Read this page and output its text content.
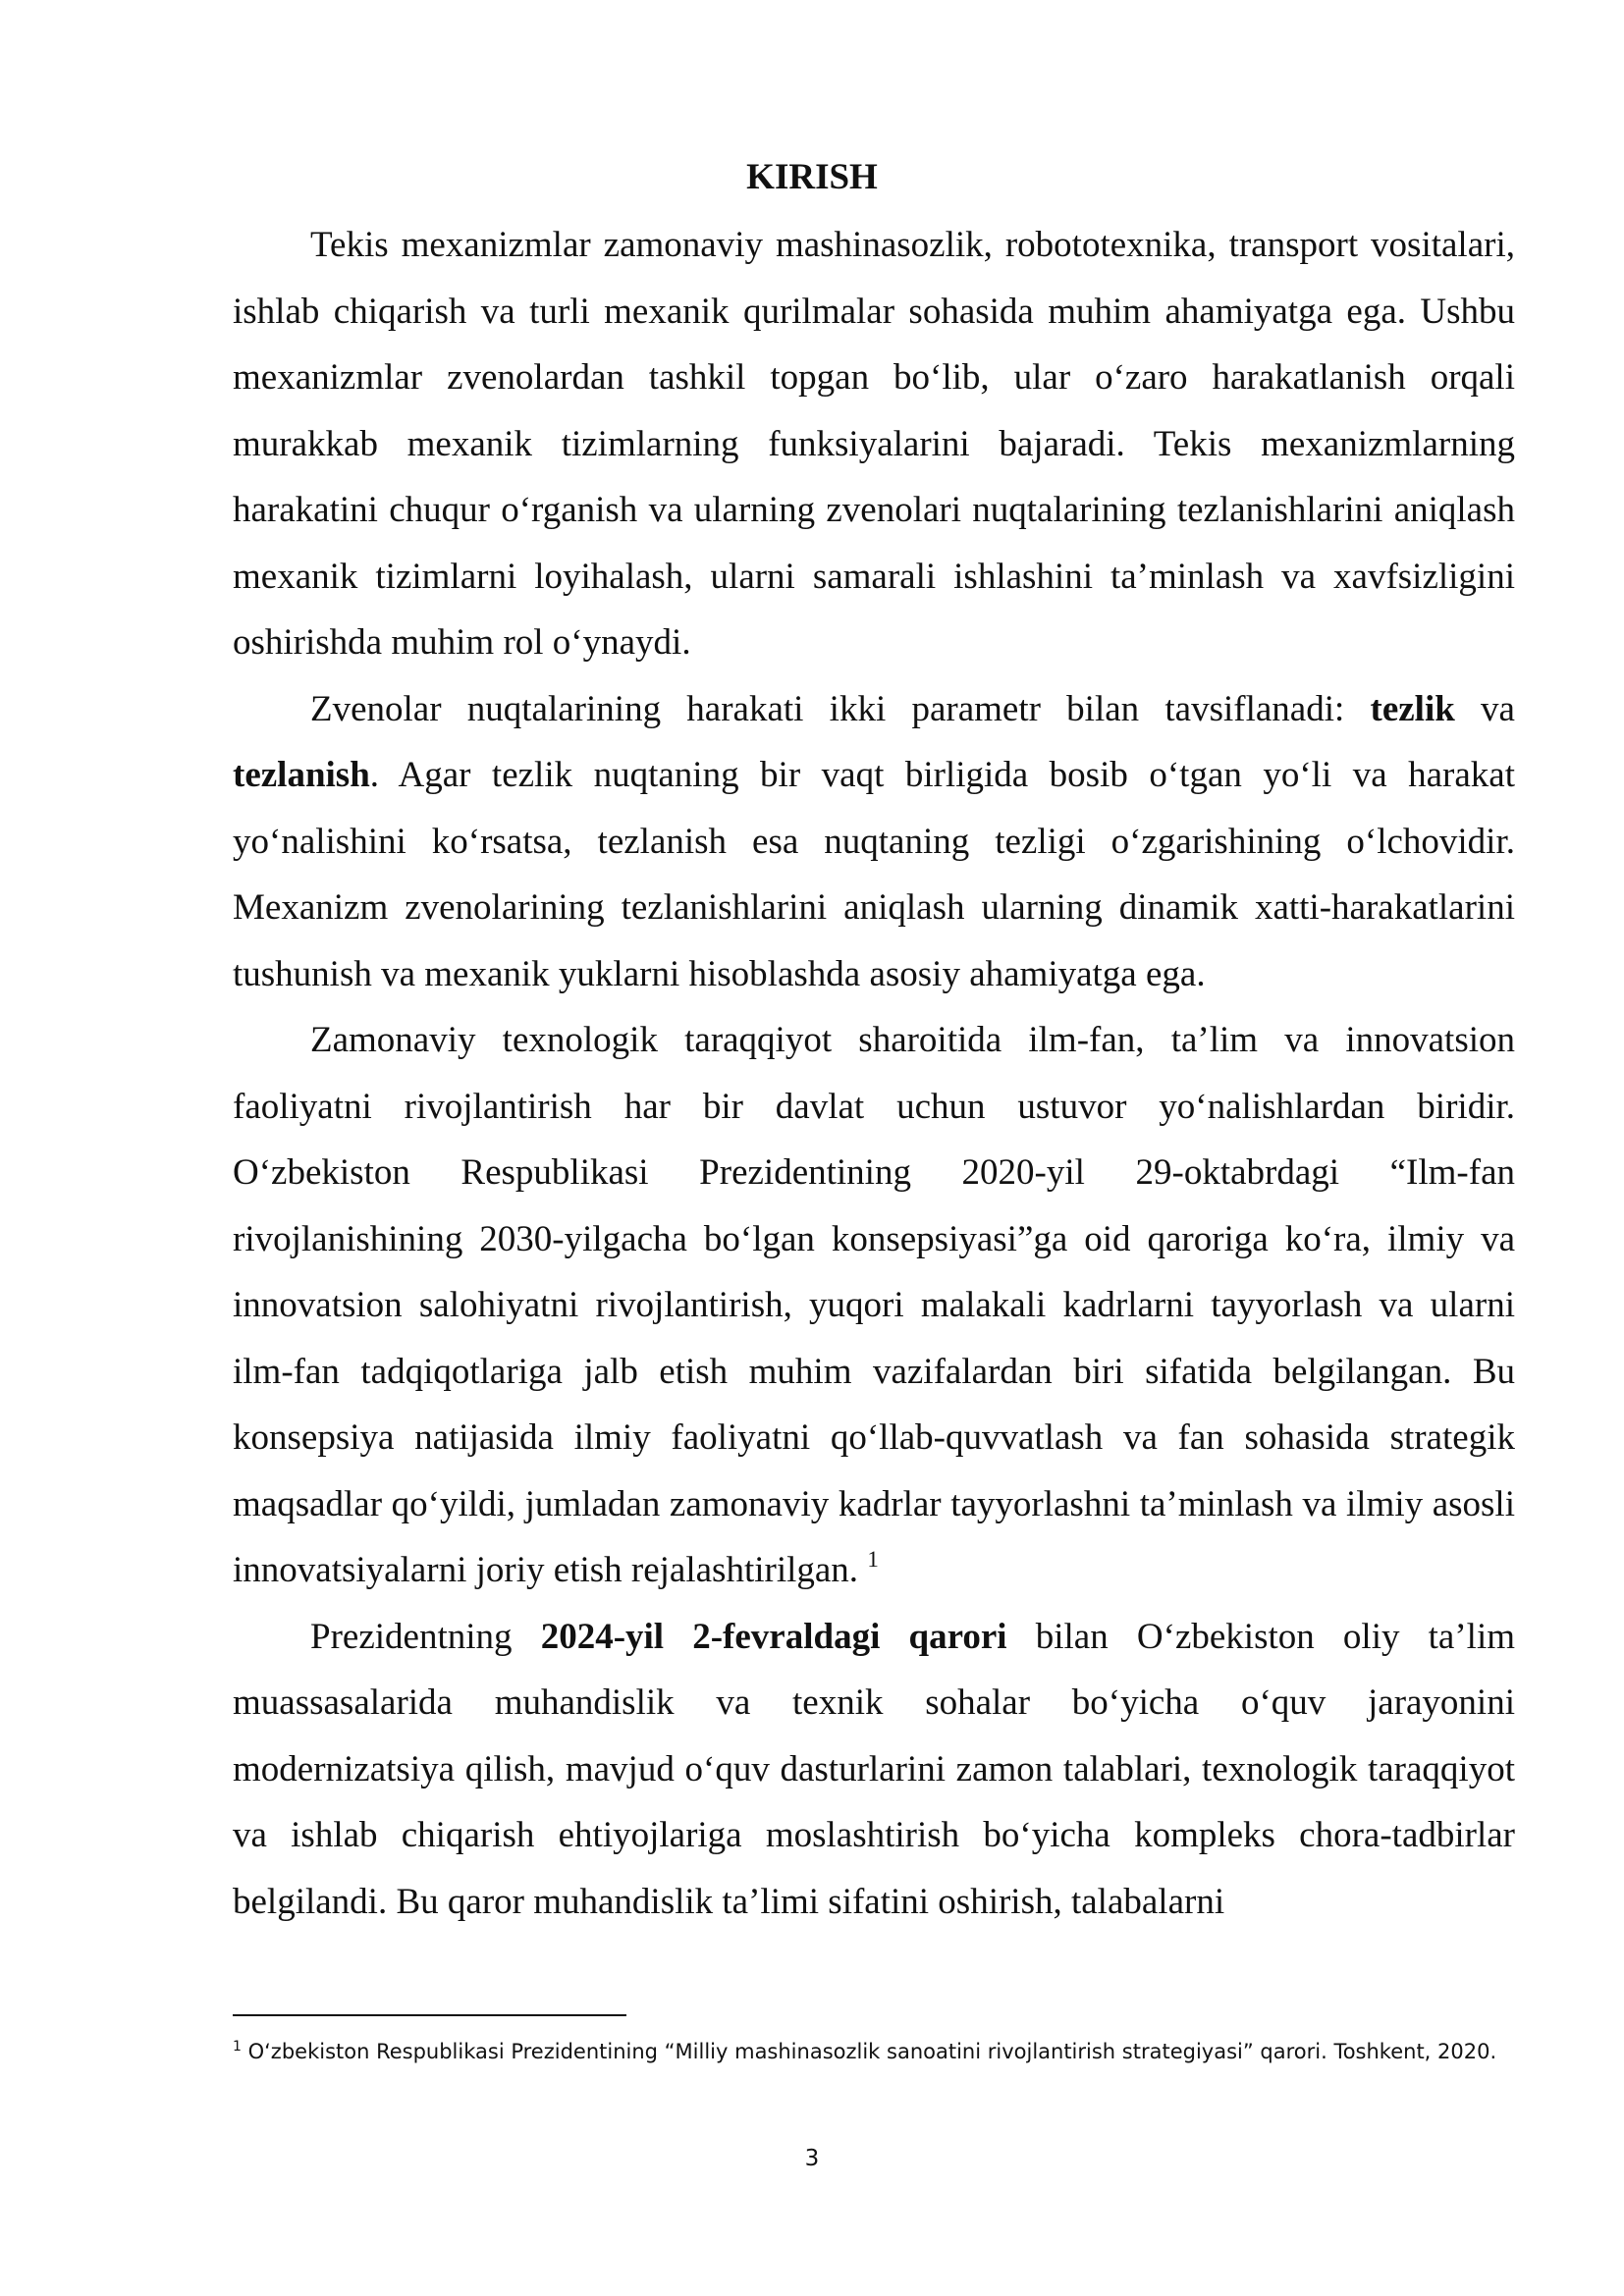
KIRISH

Tekis mexanizmlar zamonaviy mashinasozlik, robototexnika, transport vositalari, ishlab chiqarish va turli mexanik qurilmalar sohasida muhim ahamiyatga ega. Ushbu mexanizmlar zvenolardan tashkil topgan bo‘lib, ular o‘zaro harakatlanish orqali murakkab mexanik tizimlarning funksiyalarini bajaradi. Tekis mexanizmlarning harakatini chuqur o‘rganish va ularning zvenolari nuqtalarining tezlanishlarini aniqlash mexanik tizimlarni loyihalash, ularni samarali ishlashini ta’minlash va xavfsizligini oshirishda muhim rol o‘ynaydi.

Zvenolar nuqtalarining harakati ikki parametr bilan tavsiflanadi: tezlik va tezlanish. Agar tezlik nuqtaning bir vaqt birligida bosib o‘tgan yo‘li va harakat yo‘nalishini ko‘rsatsa, tezlanish esa nuqtaning tezligi o‘zgarishining o‘lchovidir. Mexanizm zvenolarining tezlanishlarini aniqlash ularning dinamik xatti-harakatlarini tushunish va mexanik yuklarni hisoblashda asosiy ahamiyatga ega.

Zamonaviy texnologik taraqqiyot sharoitida ilm-fan, ta’lim va innovatsion faoliyatni rivojlantirish har bir davlat uchun ustuvor yo‘nalishlardan biridir. O‘zbekiston Respublikasi Prezidentining 2020-yil 29-oktabrdagi “Ilm-fan rivojlanishining 2030-yilgacha bo‘lgan konsepsiyasi”ga oid qaroriga ko‘ra, ilmiy va innovatsion salohiyatni rivojlantirish, yuqori malakali kadrlarni tayyorlash va ularni ilm-fan tadqiqotlariga jalb etish muhim vazifalardan biri sifatida belgilangan. Bu konsepsiya natijasida ilmiy faoliyatni qo‘llab-quvvatlash va fan sohasida strategik maqsadlar qo‘yildi, jumladan zamonaviy kadrlar tayyorlashni ta’minlash va ilmiy asosli innovatsiyalarni joriy etish rejalashtirilgan. $^1$

Prezidentning 2024-yil 2-fevraldagi qarori bilan O‘zbekiston oliy ta’lim muassasalarida muhandislik va texnik sohalar bo‘yicha o‘quv jarayonini modernizatsiya qilish, mavjud o‘quv dasturlarini zamon talablari, texnologik taraqqiyot va ishlab chiqarish ehtiyojlariga moslashtirish bo‘yicha kompleks chora-tadbirlar belgilandi. Bu qaror muhandislik ta’limi sifatini oshirish, talabalarni

$^1$ O‘zbekiston Respublikasi Prezidentining “Milliy mashinasozlik sanoatini rivojlantirish strategiyasi” qarori. Toshkent, 2020.

3
